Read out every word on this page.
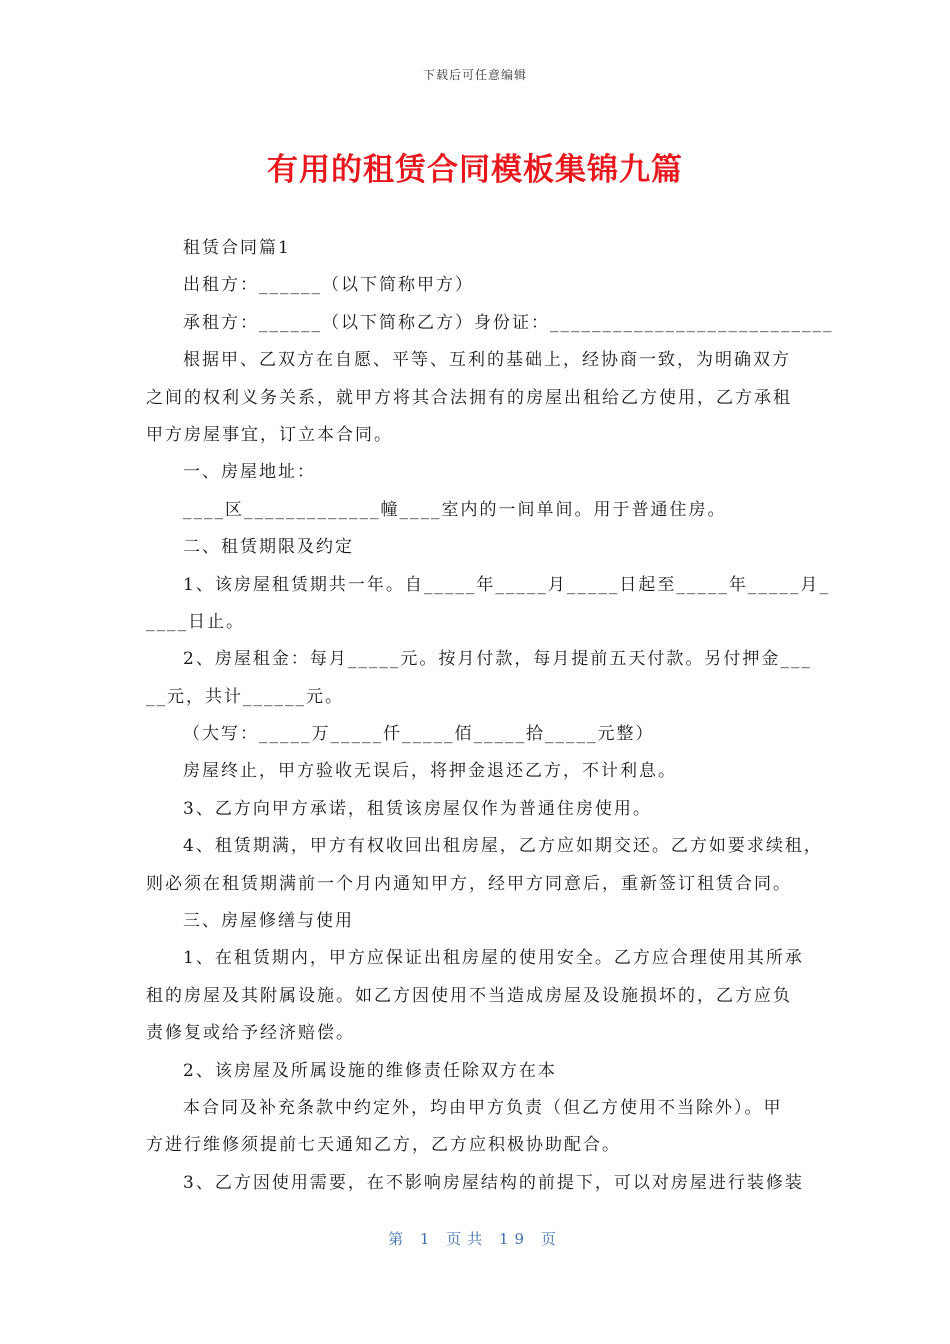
下载后可任意编辑
有用的租赁合同模板集锦九篇
租赁合同篇1
出租方：______（以下简称甲方）
承租方：______（以下简称乙方）身份证：___________________________
根据甲、乙双方在自愿、平等、互利的基础上，经协商一致，为明确双方
之间的权利义务关系，就甲方将其合法拥有的房屋出租给乙方使用，乙方承租
甲方房屋事宜，订立本合同。
一、房屋地址：
____区_____________幢____室内的一间单间。用于普通住房。
二、租赁期限及约定
1、该房屋租赁期共一年。自_____年_____月_____日起至_____年_____月_
____日止。
2、房屋租金：每月_____元。按月付款，每月提前五天付款。另付押金___
__元，共计______元。
（大写：_____万_____仟_____佰_____拾_____元整）
房屋终止，甲方验收无误后，将押金退还乙方，不计利息。
3、乙方向甲方承诺，租赁该房屋仅作为普通住房使用。
4、租赁期满，甲方有权收回出租房屋，乙方应如期交还。乙方如要求续租，
则必须在租赁期满前一个月内通知甲方，经甲方同意后，重新签订租赁合同。
三、房屋修缮与使用
1、在租赁期内，甲方应保证出租房屋的使用安全。乙方应合理使用其所承
租的房屋及其附属设施。如乙方因使用不当造成房屋及设施损坏的，乙方应负
责修复或给予经济赔偿。
2、该房屋及所属设施的维修责任除双方在本
本合同及补充条款中约定外，均由甲方负责（但乙方使用不当除外）。甲
方进行维修须提前七天通知乙方，乙方应积极协助配合。
3、乙方因使用需要，在不影响房屋结构的前提下，可以对房屋进行装修装
第 1 页共 19 页
